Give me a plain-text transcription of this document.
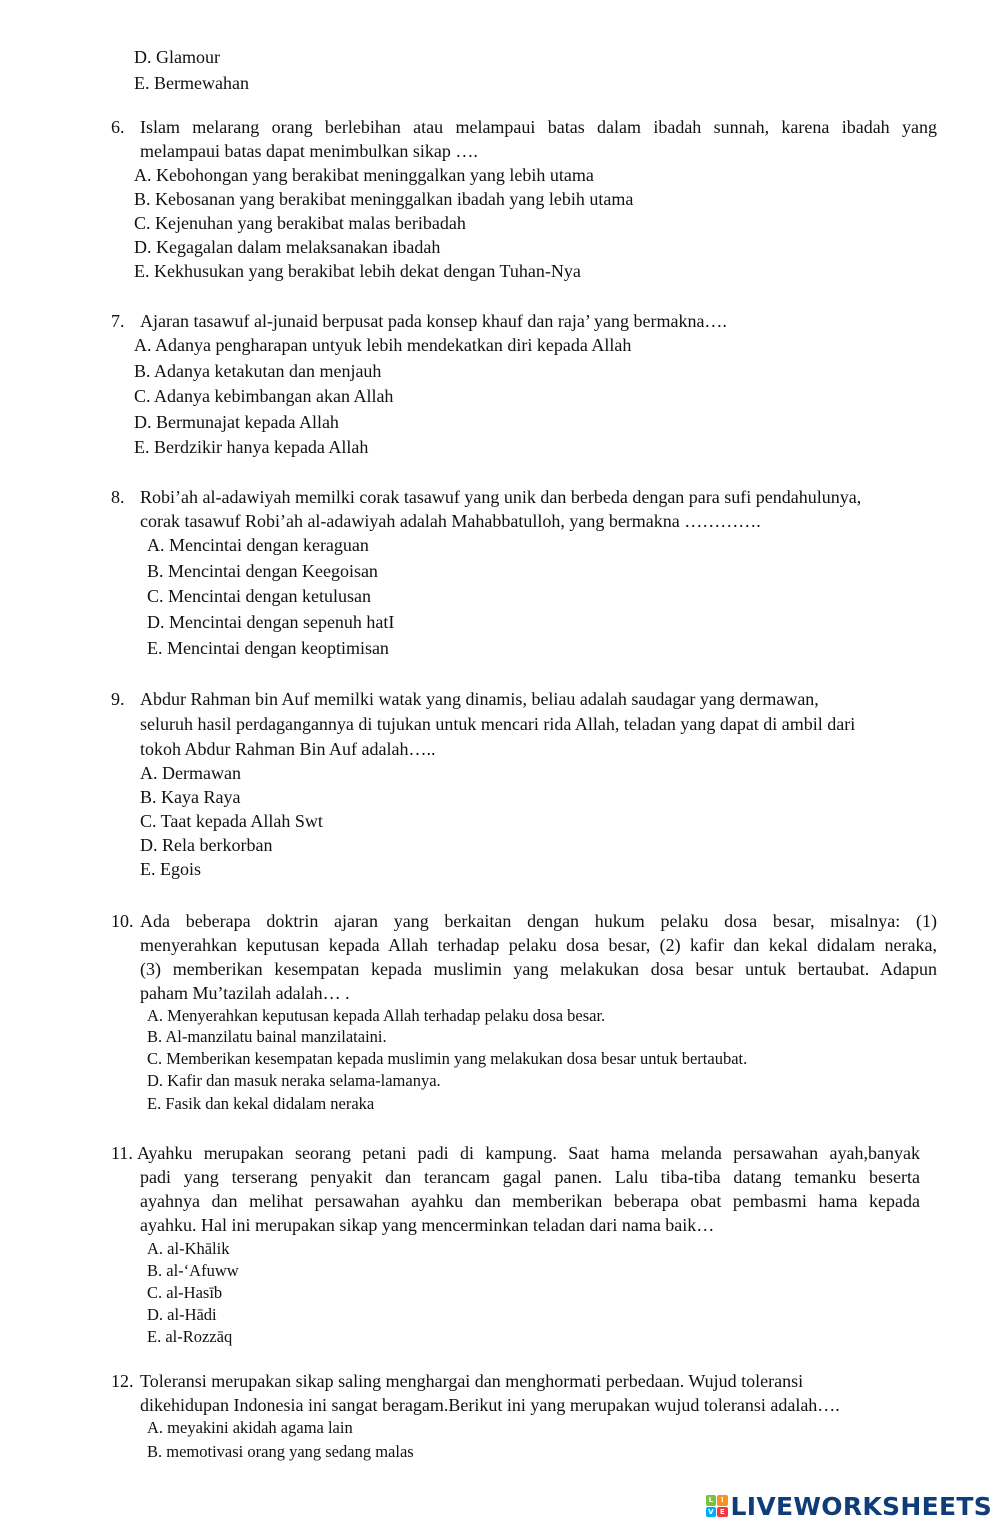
D. Glamour
E. Bermewahan
6. Islam melarang orang berlebihan atau melampaui batas dalam ibadah sunnah, karena ibadah yang
melampaui batas dapat menimbulkan sikap ….
A. Kebohongan yang berakibat meninggalkan yang lebih utama
B. Kebosanan yang berakibat meninggalkan ibadah yang lebih utama
C. Kejenuhan yang berakibat malas beribadah
D. Kegagalan dalam melaksanakan ibadah
E. Kekhusukan yang berakibat lebih dekat dengan Tuhan-Nya
7. Ajaran tasawuf al-junaid berpusat pada konsep khauf dan raja’ yang bermakna….
A. Adanya pengharapan untyuk lebih mendekatkan diri kepada Allah
B. Adanya ketakutan dan menjauh
C. Adanya kebimbangan akan Allah
D. Bermunajat kepada Allah
E. Berdzikir hanya kepada Allah
8. Robi’ah al-adawiyah memilki corak tasawuf yang unik dan berbeda dengan para sufi pendahulunya,
corak tasawuf Robi’ah al-adawiyah adalah Mahabbatulloh, yang bermakna ………….
A. Mencintai dengan keraguan
B. Mencintai dengan Keegoisan
C. Mencintai dengan ketulusan
D. Mencintai dengan sepenuh hatI
E. Mencintai dengan keoptimisan
9. Abdur Rahman bin Auf memilki watak yang dinamis, beliau adalah saudagar yang dermawan,
seluruh hasil perdagangannya di tujukan untuk mencari rida Allah, teladan yang dapat di ambil dari
tokoh Abdur Rahman Bin Auf adalah…..
A. Dermawan
B. Kaya Raya
C. Taat kepada Allah Swt
D. Rela berkorban
E. Egois
10. Ada beberapa doktrin ajaran yang berkaitan dengan hukum pelaku dosa besar, misalnya: (1)
menyerahkan keputusan kepada Allah terhadap pelaku dosa besar, (2) kafir dan kekal didalam neraka,
(3) memberikan kesempatan kepada muslimin yang melakukan dosa besar untuk bertaubat. Adapun
paham Mu’tazilah adalah… .
A. Menyerahkan keputusan kepada Allah terhadap pelaku dosa besar.
B. Al-manzilatu bainal manzilataini.
C. Memberikan kesempatan kepada muslimin yang melakukan dosa besar untuk bertaubat.
D. Kafir dan masuk neraka selama-lamanya.
E. Fasik dan kekal didalam neraka
11. Ayahku merupakan seorang petani padi di kampung. Saat hama melanda persawahan ayah,banyak
padi yang terserang penyakit dan terancam gagal panen. Lalu tiba-tiba datang temanku beserta
ayahnya dan melihat persawahan ayahku dan memberikan beberapa obat pembasmi hama kepada
ayahku. Hal ini merupakan sikap yang mencerminkan teladan dari nama baik…
A. al-Khālik
B. al-‘Afuww
C. al-Hasīb
D. al-Hādi
E. al-Rozzāq
12. Toleransi merupakan sikap saling menghargai dan menghormati perbedaan. Wujud toleransi
dikehidupan Indonesia ini sangat beragam.Berikut ini yang merupakan wujud toleransi adalah….
A. meyakini akidah agama lain
B. memotivasi orang yang sedang malas
L	I
V E LIVEWORKSHEETS
